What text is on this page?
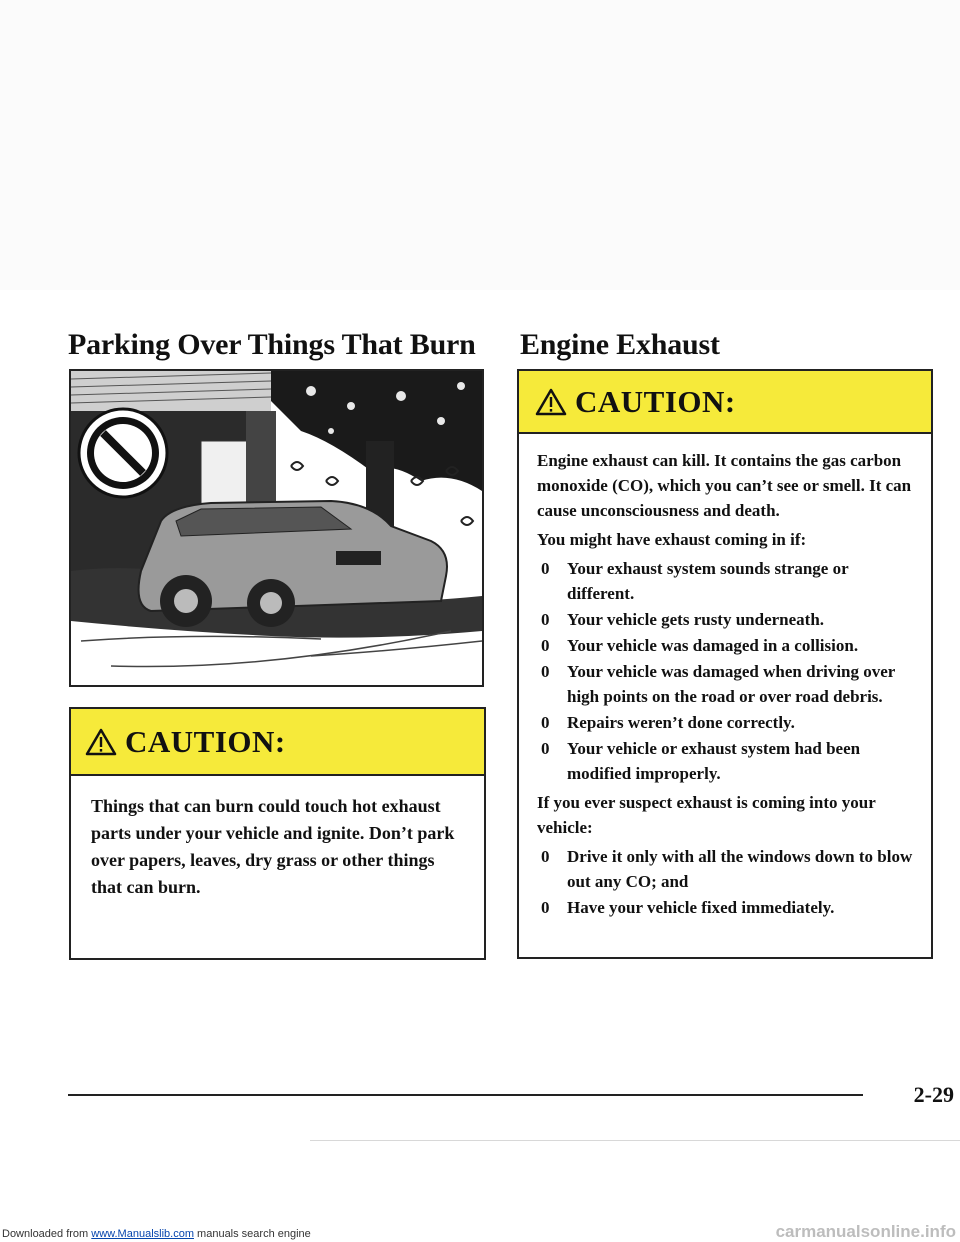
Parking Over Things That Burn
CAUTION:
Things that can burn could touch hot exhaust parts under your vehicle and ignite. Don’t park over papers, leaves, dry grass or other things that can burn.
Engine Exhaust
CAUTION:

Engine exhaust can kill. It contains the gas carbon monoxide (CO), which you can’t see or smell. It can cause unconsciousness and death.

You might have exhaust coming in if:

0 Your exhaust system sounds strange or different.
0 Your vehicle gets rusty underneath.
0 Your vehicle was damaged in a collision.
0 Your vehicle was damaged when driving over high points on the road or over road debris.
0 Repairs weren’t done correctly.
0 Your vehicle or exhaust system had been modified improperly.

If you ever suspect exhaust is coming into your vehicle:

0 Drive it only with all the windows down to blow out any CO; and
0 Have your vehicle fixed immediately.
2-29
Downloaded from www.Manualslib.com manuals search engine	carmanualsonline.info
